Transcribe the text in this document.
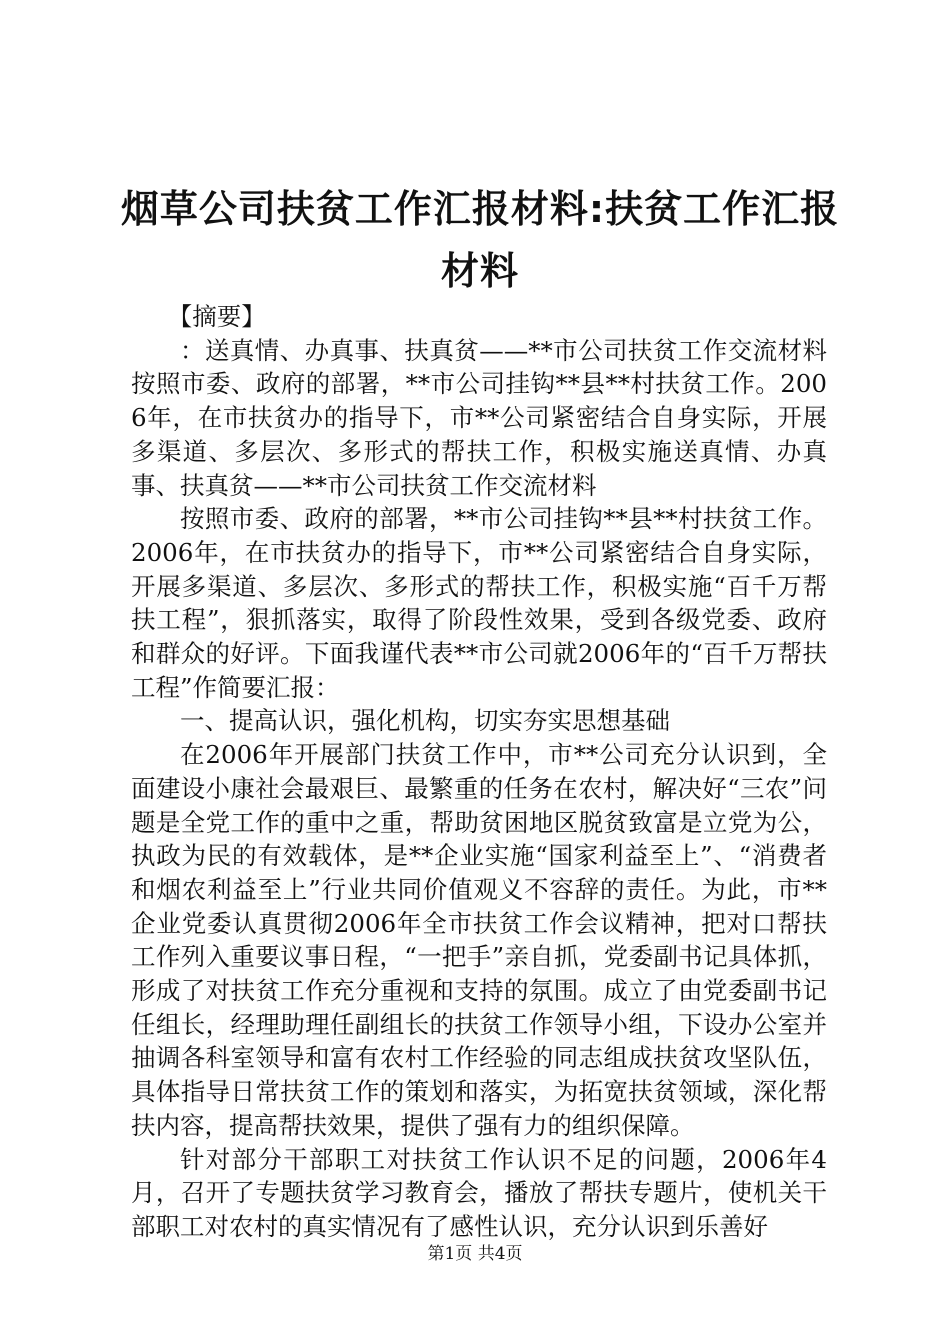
烟草公司扶贫工作汇报材料:扶贫工作汇报材料

【摘要】

：送真情、办真事、扶真贫——**市公司扶贫工作交流材料按照市委、政府的部署，**市公司挂钩**县**村扶贫工作。2006年，在市扶贫办的指导下，市**公司紧密结合自身实际，开展多渠道、多层次、多形式的帮扶工作，积极实施送真情、办真事、扶真贫——**市公司扶贫工作交流材料

按照市委、政府的部署，**市公司挂钩**县**村扶贫工作。2006年，在市扶贫办的指导下，市**公司紧密结合自身实际，开展多渠道、多层次、多形式的帮扶工作，积极实施“百千万帮扶工程”，狠抓落实，取得了阶段性效果，受到各级党委、政府和群众的好评。下面我谨代表**市公司就2006年的“百千万帮扶工程”作简要汇报：

一、提高认识，强化机构，切实夯实思想基础

在2006年开展部门扶贫工作中，市**公司充分认识到，全面建设小康社会最艰巨、最繁重的任务在农村，解决好“三农”问题是全党工作的重中之重，帮助贫困地区脱贫致富是立党为公，执政为民的有效载体，是**企业实施“国家利益至上”、“消费者和烟农利益至上”行业共同价值观义不容辞的责任。为此，市**企业党委认真贯彻2006年全市扶贫工作会议精神，把对口帮扶工作列入重要议事日程，“一把手”亲自抓，党委副书记具体抓，形成了对扶贫工作充分重视和支持的氛围。成立了由党委副书记任组长，经理助理任副组长的扶贫工作领导小组，下设办公室并抽调各科室领导和富有农村工作经验的同志组成扶贫攻坚队伍，具体指导日常扶贫工作的策划和落实，为拓宽扶贫领域，深化帮扶内容，提高帮扶效果，提供了强有力的组织保障。

针对部分干部职工对扶贫工作认识不足的问题，2006年4月，召开了专题扶贫学习教育会，播放了帮扶专题片，使机关干部职工对农村的真实情况有了感性认识，充分认识到乐善好

第1页 共4页
